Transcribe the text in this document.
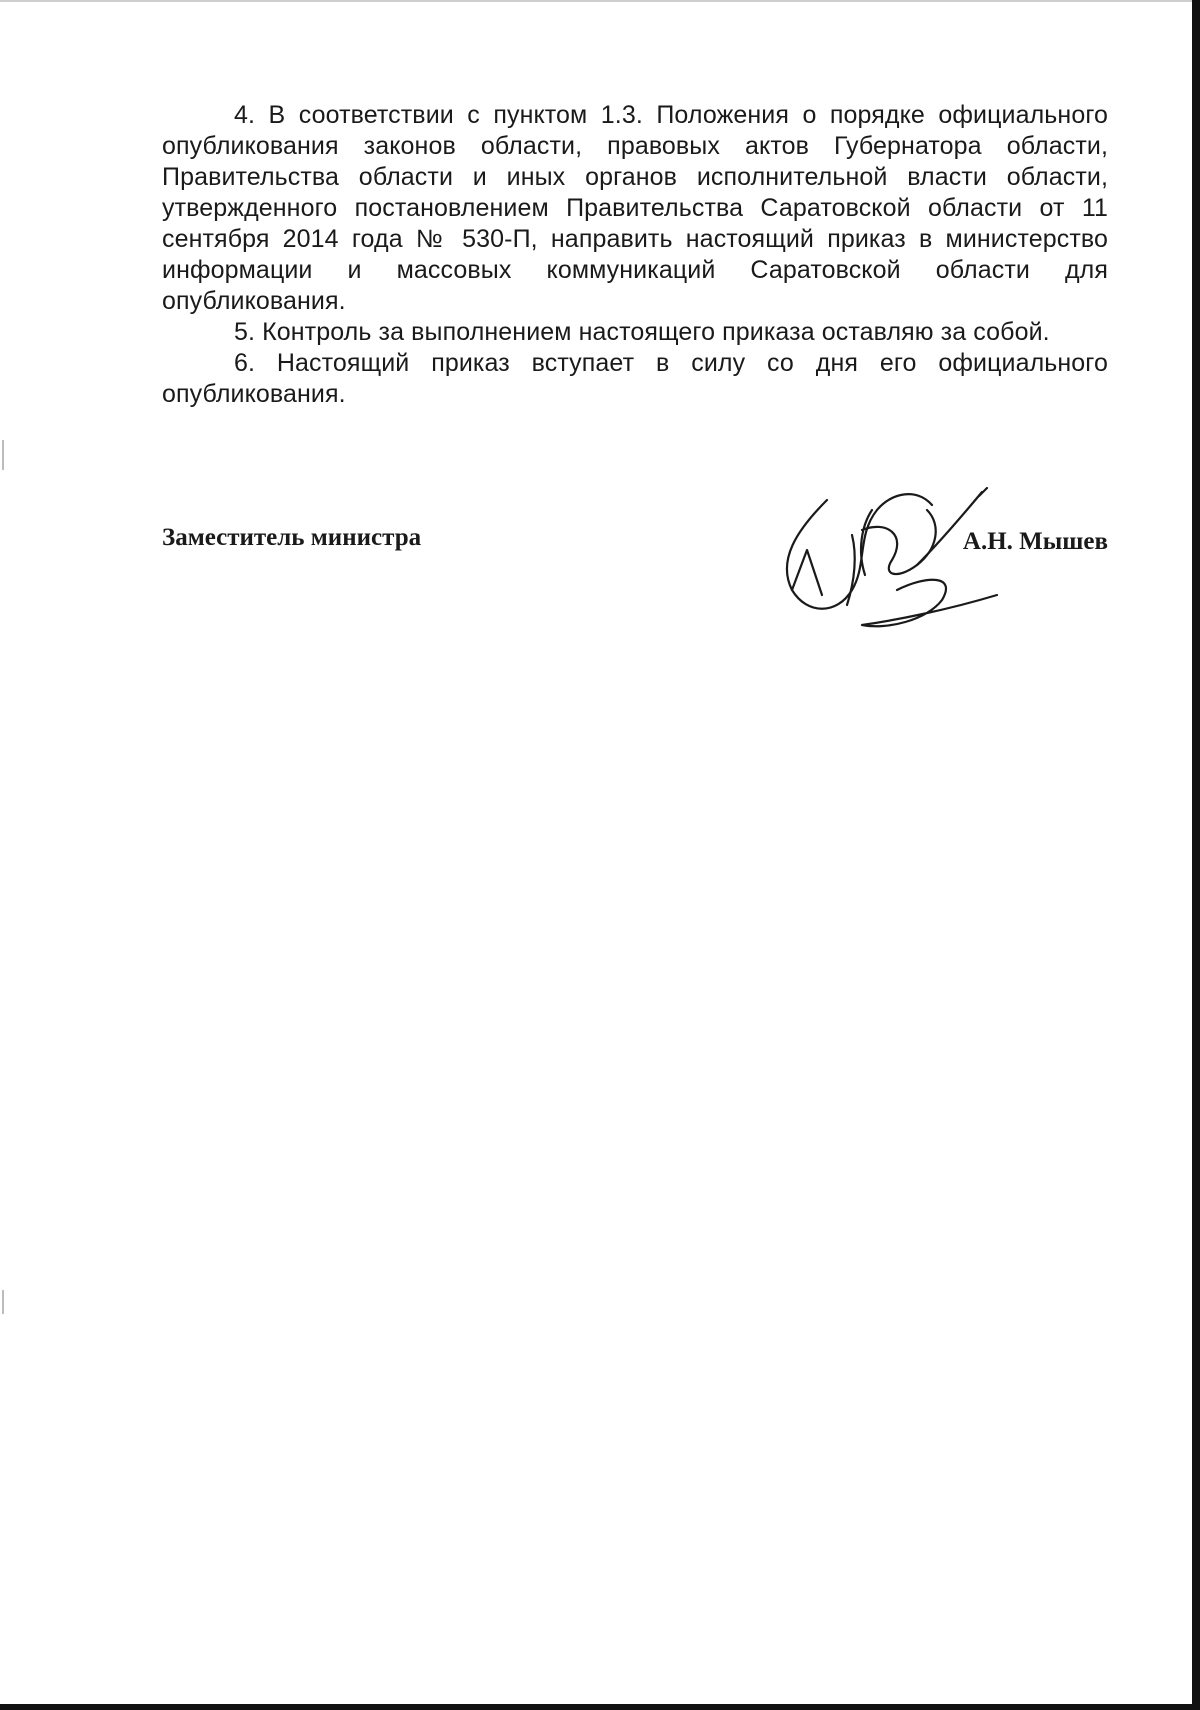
4. В соответствии с пунктом 1.3. Положения о порядке официального опубликования законов области, правовых актов Губернатора области, Правительства области и иных органов исполнительной власти области, утвержденного постановлением Правительства Саратовской области от 11 сентября 2014 года № 530-П, направить настоящий приказ в министерство информации и массовых коммуникаций Саратовской области для опубликования.

5. Контроль за выполнением настоящего приказа оставляю за собой.

6. Настоящий приказ вступает в силу со дня его официального опубликования.

Заместитель министра	А.Н. Мышев
